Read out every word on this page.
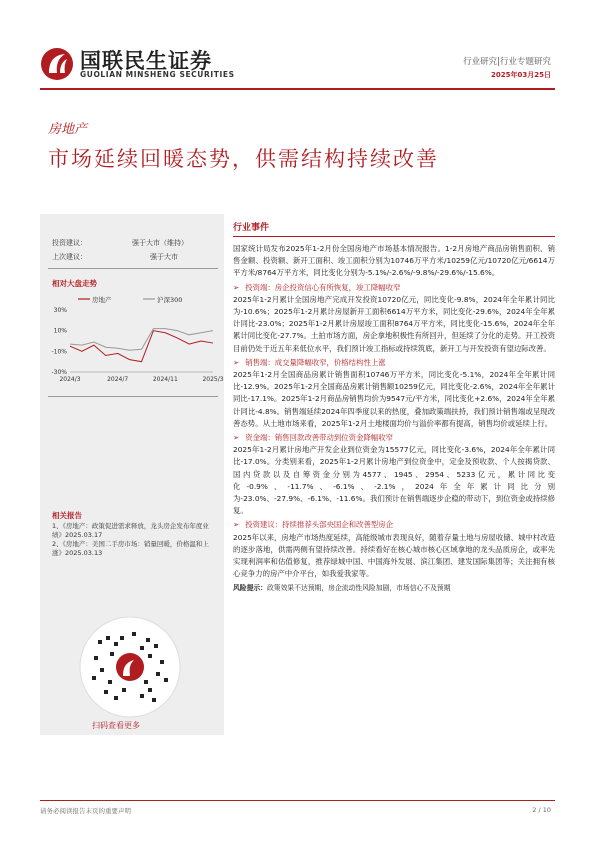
国联民生证券
GUOLIAN MINSHENG SECURITIES
行业研究|行业专题研究
2025年03月25日
房地产
市场延续回暖态势，供需结构持续改善
投资建议：	强于大市（维持）
上次建议：	强于大市
相对大盘走势
房地产	沪深300
30%
10%
-10%
-30%
2024/3	2024/7	2024/11	2025/3
相关报告
1、《房地产：政策促进需求释放，龙头房企发布年度业绩》2025.03.17
2、《房地产：美国二手房市场：销量回暖，价格温和上涨》2025.03.13
扫码查看更多
行业事件

国家统计局发布2025年1-2月份全国房地产市场基本情况报告。1-2月房地产商品房销售面积、销售金额、投资额、新开工面积、竣工面积分别为10746万平方米/10259亿元/10720亿元/6614万平方米/8764万平方米，同比变化分别为-5.1%/-2.6%/-9.8%/-29.6%/-15.6%。

➢ 投资端：房企投资信心有所恢复，竣工降幅收窄

2025年1-2月累计全国房地产完成开发投资10720亿元，同比变化-9.8%，2024年全年累计同比为-10.6%；2025年1-2月累计房屋新开工面积6614万平方米，同比变化-29.6%，2024年全年累计同比-23.0%；2025年1-2月累计房屋竣工面积8764万平方米，同比变化-15.6%，2024年全年累计同比变化-27.7%。土拍市场方面，房企拿地积极性有所回升，但延续了分化的走势。开工投资目前仍处于近五年来低位水平，我们预计竣工指标或持续筑底，新开工与开发投资有望边际改善。

➢ 销售端：成交量降幅收窄，价格结构性上涨

2025年1-2月全国商品房累计销售面积10746万平方米，同比变化-5.1%，2024年全年累计同比-12.9%。2025年1-2月全国商品房累计销售额10259亿元，同比变化-2.6%，2024年全年累计同比-17.1%。2025年1-2月商品房销售均价为9547元/平方米，同比变化+2.6%，2024年全年累计同比-4.8%。销售端延续2024年四季度以来的热度，叠加政策端扶持，我们预计销售端或呈现改善态势。从土地市场来看，2025年1-2月土地楼面均价与溢价率都有提高，销售均价或延续上行。

➢ 资金端：销售回款改善带动到位资金降幅收窄

2025年1-2月累计房地产开发企业到位资金为15577亿元，同比变化-3.6%，2024年全年累计同比-17.0%。分类别来看，2025年1-2月累计房地产到位资金中，定金及预收款、个人按揭贷款、国内贷款以及自筹资金分别为4577、1945、2954、5233亿元，累计同比变化-0.9%、-11.7%、-6.1%、-2.1%，2024年全年累计同比分别为-23.0%、-27.9%、-6.1%、-11.6%。我们预计在销售端逐步企稳的带动下，到位资金或持续修复。

➢ 投资建议：持续推荐头部央国企和改善型房企

2025年以来，房地产市场热度延续，高能级城市表现良好，随着存量土地与房屋收储、城中村改造的逐步落地，供需两侧有望持续改善。持续看好在核心城市核心区域拿地的龙头品质房企，或率先实现利润率和估值修复，推荐绿城中国、中国海外发展、滨江集团、建发国际集团等；关注拥有核心竞争力的房产中介平台，如我爱我家等。

风险提示：政策效果不达预期，房企流动性风险加剧，市场信心不及预期

请务必阅读报告末页的重要声明	2 / 10
